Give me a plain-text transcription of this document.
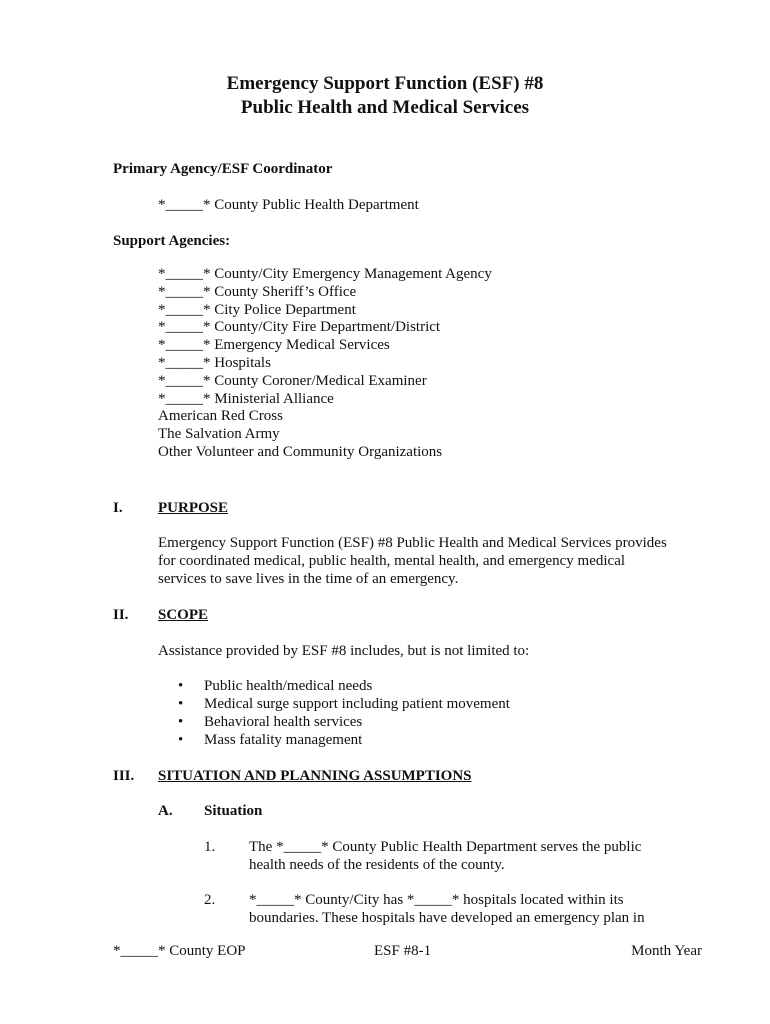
Emergency Support Function (ESF) #8
Public Health and Medical Services
Primary Agency/ESF Coordinator
*_____* County Public Health Department
Support Agencies:
*_____* County/City Emergency Management Agency
*_____* County Sheriff’s Office
*_____* City Police Department
*_____* County/City Fire Department/District
*_____* Emergency Medical Services
*_____* Hospitals
*_____* County Coroner/Medical Examiner
*_____* Ministerial Alliance
American Red Cross
The Salvation Army
Other Volunteer and Community Organizations
I. PURPOSE
Emergency Support Function (ESF) #8 Public Health and Medical Services provides
for coordinated medical, public health, mental health, and emergency medical
services to save lives in the time of an emergency.
II. SCOPE
Assistance provided by ESF #8 includes, but is not limited to:
•	Public health/medical needs
•	Medical surge support including patient movement
•	Behavioral health services
•	Mass fatality management
III. SITUATION AND PLANNING ASSUMPTIONS
A. Situation
1. The *_____* County Public Health Department serves the public
health needs of the residents of the county.
2. *_____* County/City has *_____* hospitals located within its
boundaries. These hospitals have developed an emergency plan in
*_____* County EOP	ESF #8-1	Month Year
